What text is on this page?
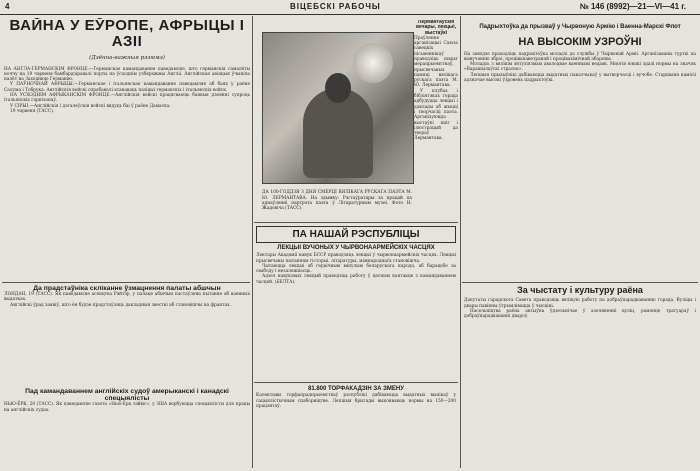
4	ВІЦЕБСКІ РАБОЧЫ	№ 146 (8992)—21—VI—41 г.

ВАЙНА У ЕЎРОПЕ, АФРЫЦЫ І АЗІІ

(Дзённа-важныя рэзюмэ)

НА АНГЛА-ГЕРМАНСКІМ ФРОНЦЕ.—Германскае камандаванне паведамляе, што германскія самалёты ноччу на 19 чэрвеня бамбардзіравалі порты на ўсходнім узбярэжжы Англіі. Англійская авіяцыя ўчыніла налёт на Заходнюю Германію.

У ПАЎНОЧНАЙ АФРЫЦЫ.—Германскае і італьянскае камандаванне паведамляе аб баях у раёне Салума і Тобрука. Англійскія войскі спрабавалі атакаваць пазіцыі германскіх і італьянскіх войск.

НА УСХОДНІМ АФРЫКАНСКІМ ФРОНЦЕ.—Англійскія войскі працягваюць баявыя дзеянні супроць італьянскіх гарнізонаў.

У СІРЫІ.—Англійскія і дэгалеўскія войскі вядуць баі ў раёне Дамаска.

19 чэрвеня (ТАСС).

Да прадстаўніка скліканне ўзмацнення палаты абшчын

ЛОНДАН, 19 (ТАСС). Як паведамляе агенцтва Рэйтэр, у палаце абшчын пастаўлена пытанне аб ваенных выдатках.

Англійскі ўрад заявіў, што ён будзе прадстаўляць дакладныя звесткі аб становішчы на франтах.

Пад камандаваннем англійскіх судоў амерыканскі і канадскі спецыялісты

НЬЮ-ЁРК, 20 (ТАСС). Як паведамляе газета «Нью-Ёрк таймс», у ЗША вербуюцца спецыялісты для працы на англійскіх судах.

ДА 100-ГОДДЗЯ З ДНЯ СМЕРЦІ ВЯЛІКАГА РУСКАГА ПАЭТА М. Ю. ЛЕРМАНТАВА. На здымку: Рэстаўратары за працай па аднаўленні партрэта паэта ў Літаратурным музеі. Фото Н. Жадовіча (ТАСС).

Лермантаўскія вечары, лекцыі, выстаўкі

Праўленне арганізацыі Саюза савецкіх пісьменнікаў праводзіць шэраг мерапрыемстваў, прысвечаных памяці вялікага рускага паэта М. Ю. Лермантава.

У клубах і бібліятэках горада адбудуцца лекцыі і даклады аб жыцці і творчасці паэта. Арганізуюцца выстаўкі кніг і ілюстрацый да твораў Лермантава.

ПА НАШАЙ РЭСПУБЛІЦЫ

ЛЕКЦЫІ ВУЧОНЫХ У ЧЫРВОНААРМЕЙСКІХ ЧАСЦЯХ

Лектары Акадэміі навук БССР праводзяць лекцыі ў чырвонаармейскіх часцях. Лекцыі прысвечаны пытанням гісторыі, літаратуры, міжнароднага становішча.

Чытаюцца лекцыі аб гераічным мінулым беларускага народа, аб барацьбе за свабоду і незалежнасць.

Адзел навуковых лекцый праводзіць работу ў цесным кантакце з камандаваннем часцей. (БЕЛТА).

81.800 ТОРФАКАДЗІН ЗА ЗМЕНУ

Калектывы торфапрадпрыемстваў рэспублікі дабіваюцца выдатных вынікаў у сацыялістычным спаборніцтве. Лепшыя брыгады выконваюць нормы на 150—200 працэнтаў.

Падрыхтоўка да прызваў у Чырвоную Армію і Ваенна-Марскі Флот

НА ВЫСОКІМ УЗРОЎНІ

На заводзе праходзіць падрыхтоўка моладзі да службы ў Чырвонай Арміі. Арганізаваны гурткі па вывучэнню зброі, процівапаветранай і процівахімічнай абароны.

Моладзь з вялікім энтузіязмам авалодвае ваеннымі ведамі. Многія юнакі здалі нормы на значок «Варашылаўскі стралок».

Лепшыя прызыўнікі дабіваюцца выдатных паказчыкаў у вытворчасці і вучобе. Старшыня камісіі адзначае высокі ўзровень падрыхтоўкі.

За чыстату і культуру раёна

Дэпутаты гарадскога Савета праводзяць вялікую работу па добраўпарадкаванню горада. Вуліцы і двары павінны ўтрымлівацца ў чысціні.

Насельніцтва раёна актыўна ўдзельнічае ў азеляненні вуліц, рамонце тратуараў і добраўпарадкаванні двароў.
